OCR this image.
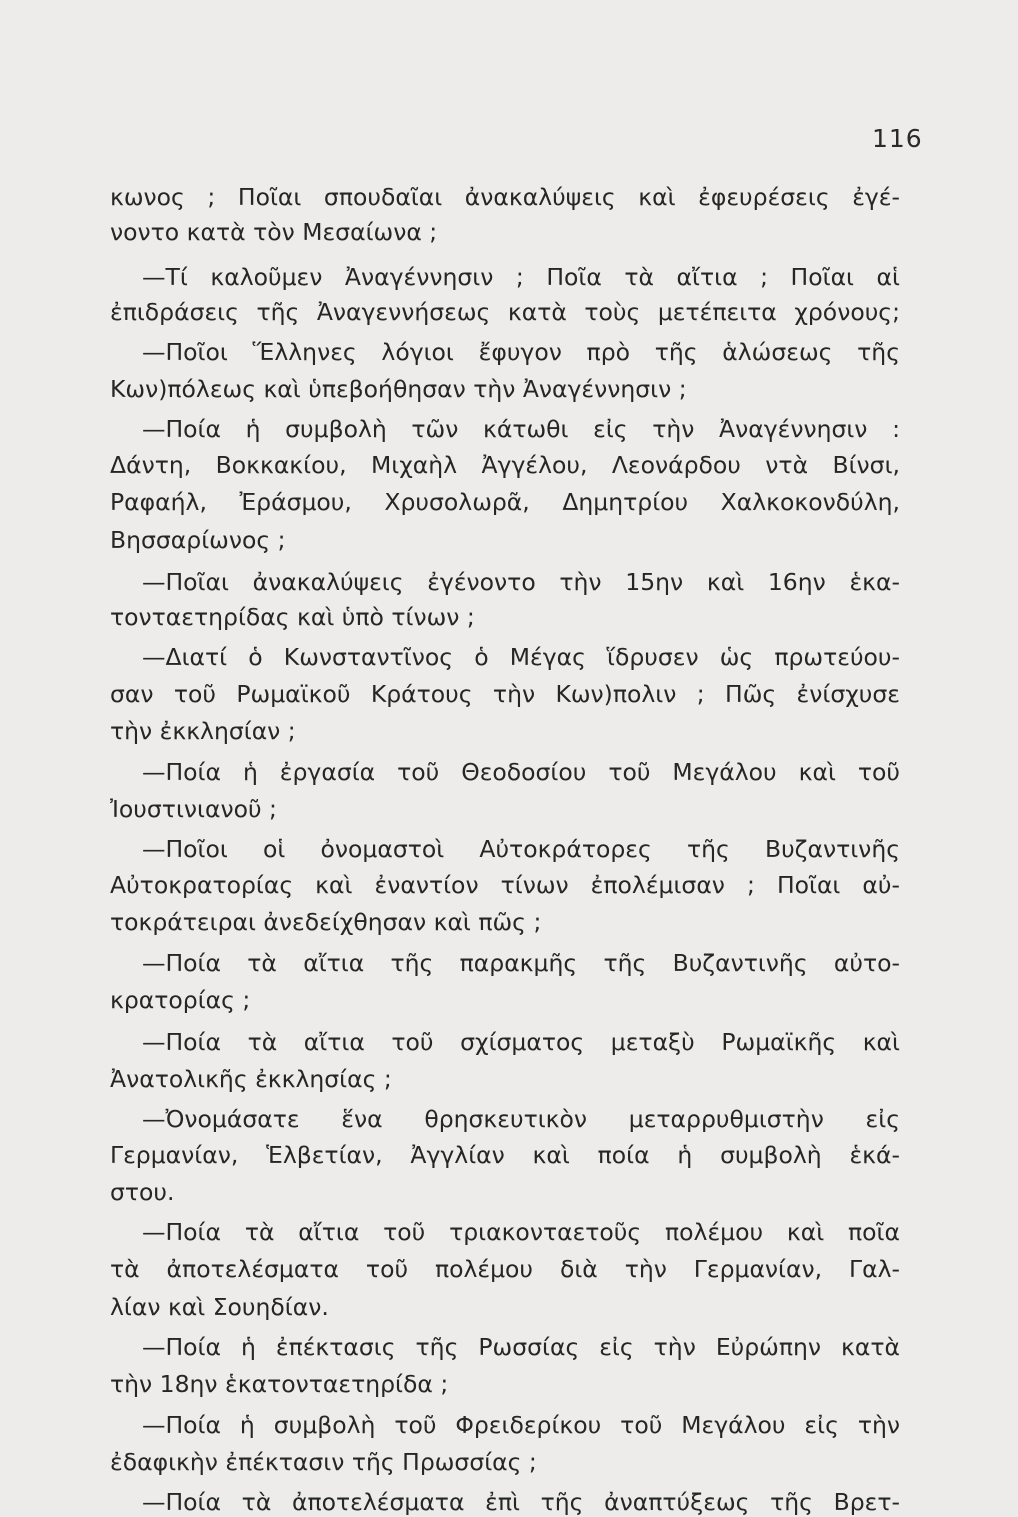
116
κωνος ; Ποῖαι σπουδαῖαι ἀνακαλύψεις καὶ ἐφευρέσεις ἐγέ-
νοντο κατὰ τὸν Μεσαίωνα ;
—Τί καλοῦμεν Ἀναγέννησιν ; Ποῖα τὰ αἴτια ; Ποῖαι αἱ
ἐπιδράσεις τῆς Ἀναγεννήσεως κατὰ τοὺς μετέπειτα χρόνους;
—Ποῖοι Ἕλληνες λόγιοι ἔφυγον πρὸ τῆς ἁλώσεως τῆς
Κων)πόλεως καὶ ὑπεβοήθησαν τὴν Ἀναγέννησιν ;
—Ποία ἡ συμβολὴ τῶν κάτωθι εἰς τὴν Ἀναγέννησιν :
Δάντη, Βοκκακίου, Μιχαὴλ Ἀγγέλου, Λεονάρδου ντὰ Βίνσι,
Ραφαήλ, Ἐράσμου, Χρυσολωρᾶ, Δημητρίου Χαλκοκονδύλη,
Βησσαρίωνος ;
—Ποῖαι ἀνακαλύψεις ἐγένοντο τὴν 15ην καὶ 16ην ἑκα-
τονταετηρίδας καὶ ὑπὸ τίνων ;
—Διατί ὁ Κωνσταντῖνος ὁ Μέγας ἵδρυσεν ὡς πρωτεύου-
σαν τοῦ Ρωμαϊκοῦ Κράτους τὴν Κων)πολιν ; Πῶς ἐνίσχυσε
τὴν ἐκκλησίαν ;
—Ποία ἡ ἐργασία τοῦ Θεοδοσίου τοῦ Μεγάλου καὶ τοῦ
Ἰουστινιανοῦ ;
—Ποῖοι οἱ ὀνομαστοὶ Αὐτοκράτορες τῆς Βυζαντινῆς
Αὐτοκρατορίας καὶ ἐναντίον τίνων ἐπολέμισαν ; Ποῖαι αὐ-
τοκράτειραι ἀνεδείχθησαν καὶ πῶς ;
—Ποία τὰ αἴτια τῆς παρακμῆς τῆς Βυζαντινῆς αὐτο-
κρατορίας ;
—Ποία τὰ αἴτια τοῦ σχίσματος μεταξὺ Ρωμαϊκῆς καὶ
Ἀνατολικῆς ἐκκλησίας ;
—Ὀνομάσατε ἕνα θρησκευτικὸν μεταρρυθμιστὴν εἰς
Γερμανίαν, Ἑλβετίαν, Ἀγγλίαν καὶ ποία ἡ συμβολὴ ἑκά-
στου.
—Ποία τὰ αἴτια τοῦ τριακονταετοῦς πολέμου καὶ ποῖα
τὰ ἀποτελέσματα τοῦ πολέμου διὰ τὴν Γερμανίαν, Γαλ-
λίαν καὶ Σουηδίαν.
—Ποία ἡ ἐπέκτασις τῆς Ρωσσίας εἰς τὴν Εὐρώπην κατὰ
τὴν 18ην ἑκατονταετηρίδα ;
—Ποία ἡ συμβολὴ τοῦ Φρειδερίκου τοῦ Μεγάλου εἰς τὴν
ἐδαφικὴν ἐπέκτασιν τῆς Πρωσσίας ;
—Ποία τὰ ἀποτελέσματα ἐπὶ τῆς ἀναπτύξεως τῆς Βρετ-
